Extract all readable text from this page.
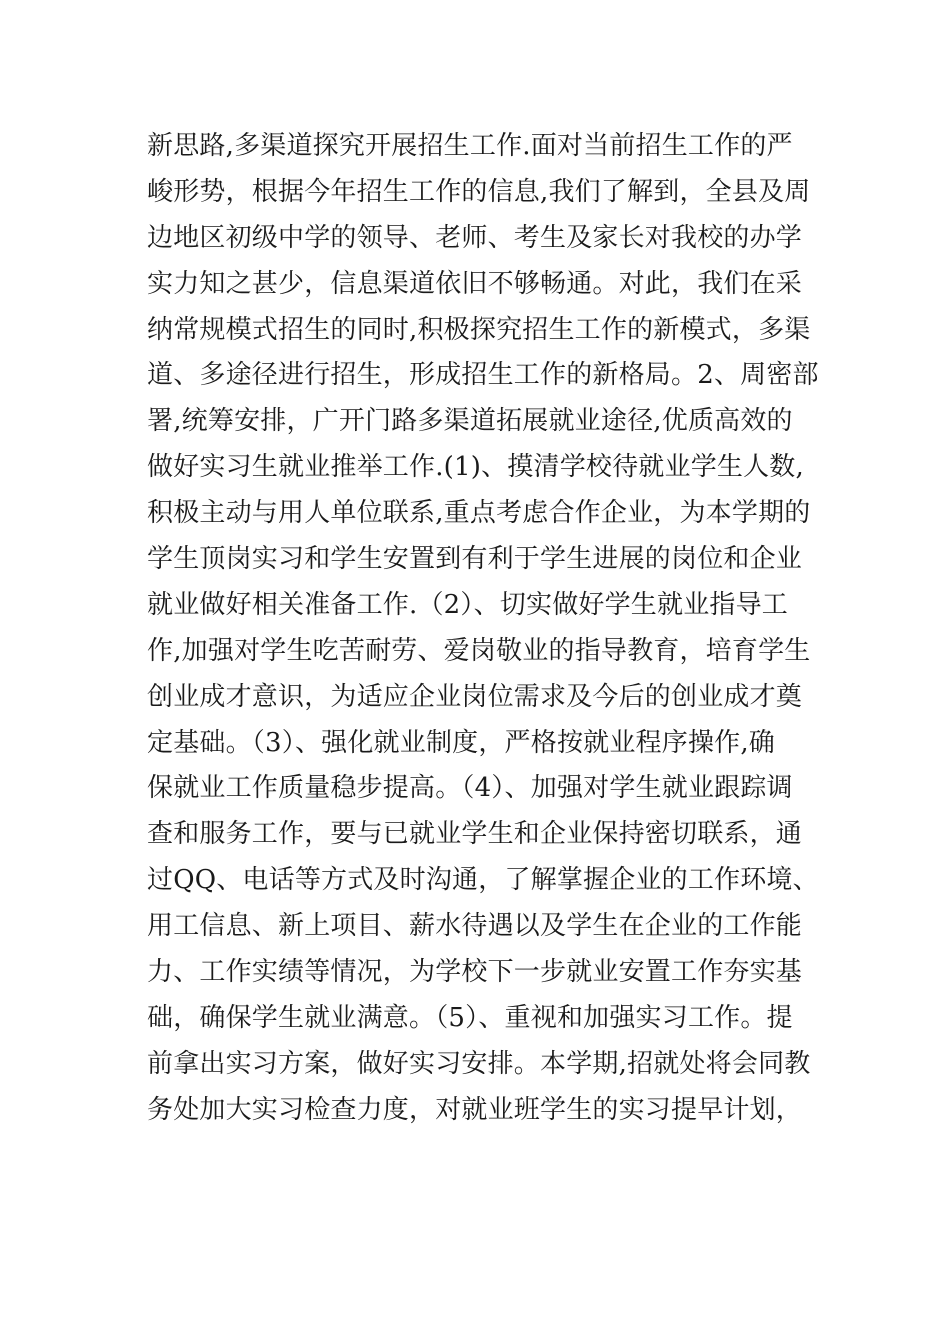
新思路,多渠道探究开展招生工作.面对当前招生工作的严
峻形势，根据今年招生工作的信息,我们了解到，全县及周
边地区初级中学的领导、老师、考生及家长对我校的办学
实力知之甚少，信息渠道依旧不够畅通。对此，我们在采
纳常规模式招生的同时,积极探究招生工作的新模式，多渠
道、多途径进行招生，形成招生工作的新格局。2、周密部
署,统筹安排，广开门路多渠道拓展就业途径,优质高效的
做好实习生就业推举工作.(1)、摸清学校待就业学生人数,
积极主动与用人单位联系,重点考虑合作企业，为本学期的
学生顶岗实习和学生安置到有利于学生进展的岗位和企业
就业做好相关准备工作.（2）、切实做好学生就业指导工
作,加强对学生吃苦耐劳、爱岗敬业的指导教育，培育学生
创业成才意识，为适应企业岗位需求及今后的创业成才奠
定基础。（3）、强化就业制度，严格按就业程序操作,确
保就业工作质量稳步提高。（4）、加强对学生就业跟踪调
查和服务工作，要与已就业学生和企业保持密切联系，通
过QQ、电话等方式及时沟通，了解掌握企业的工作环境、
用工信息、新上项目、薪水待遇以及学生在企业的工作能
力、工作实绩等情况，为学校下一步就业安置工作夯实基
础，确保学生就业满意。（5）、重视和加强实习工作。提
前拿出实习方案，做好实习安排。本学期,招就处将会同教
务处加大实习检查力度，对就业班学生的实习提早计划，
